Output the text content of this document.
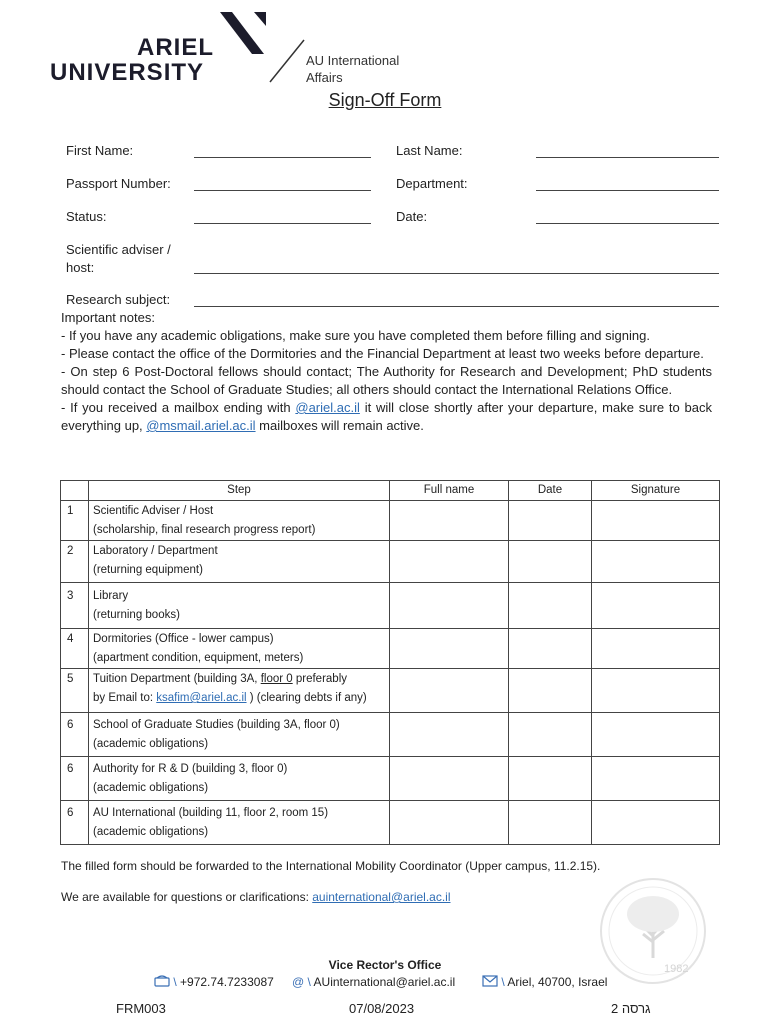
ARIEL
UNIVERSITY	AU International
Affairs
Sign-Off Form
First Name:	Last Name:
Passport Number:	Department:
Status:	Date:
Scientific adviser /
host:
Research subject:

Important notes:

- If you have any academic obligations, make sure you have completed them before filling and signing.

- Please contact the office of the Dormitories and the Financial Department at least two weeks before departure.

- On step 6 Post-Doctoral fellows should contact; The Authority for Research and Development; PhD students should contact the School of Graduate Studies; all others should contact the International Relations Office.

- If you received a mailbox ending with @ariel.ac.il it will close shortly after your departure, make sure to back everything up, @msmail.ariel.ac.il mailboxes will remain active.

	Step	Full name	Date	Signature
1	Scientific Adviser / Host
(scholarship, final research progress report)			

2	Laboratory / Department
(returning equipment)			

3	Library
(returning books)			

4	Dormitories (Office - lower campus)
(apartment condition, equipment, meters)			

5	Tuition Department (building 3A, floor 0 preferably
by Email to: ksafim@ariel.ac.il ) (clearing debts if any)			

6	School of Graduate Studies (building 3A, floor 0)
(academic obligations)			

6	Authority for R & D (building 3, floor 0)
(academic obligations)			

6	AU International (building 11, floor 2, room 15)
(academic obligations)			

The filled form should be forwarded to the International Mobility Coordinator (Upper campus, 11.2.15).
We are available for questions or clarifications: auinternational@ariel.ac.il
1982
Vice Rector's Office
\ +972.74.7233087 @ \ AUinternational@ariel.ac.il	\ Ariel, 40700, Israel
FRM003	07/08/2023	גרסה 2
